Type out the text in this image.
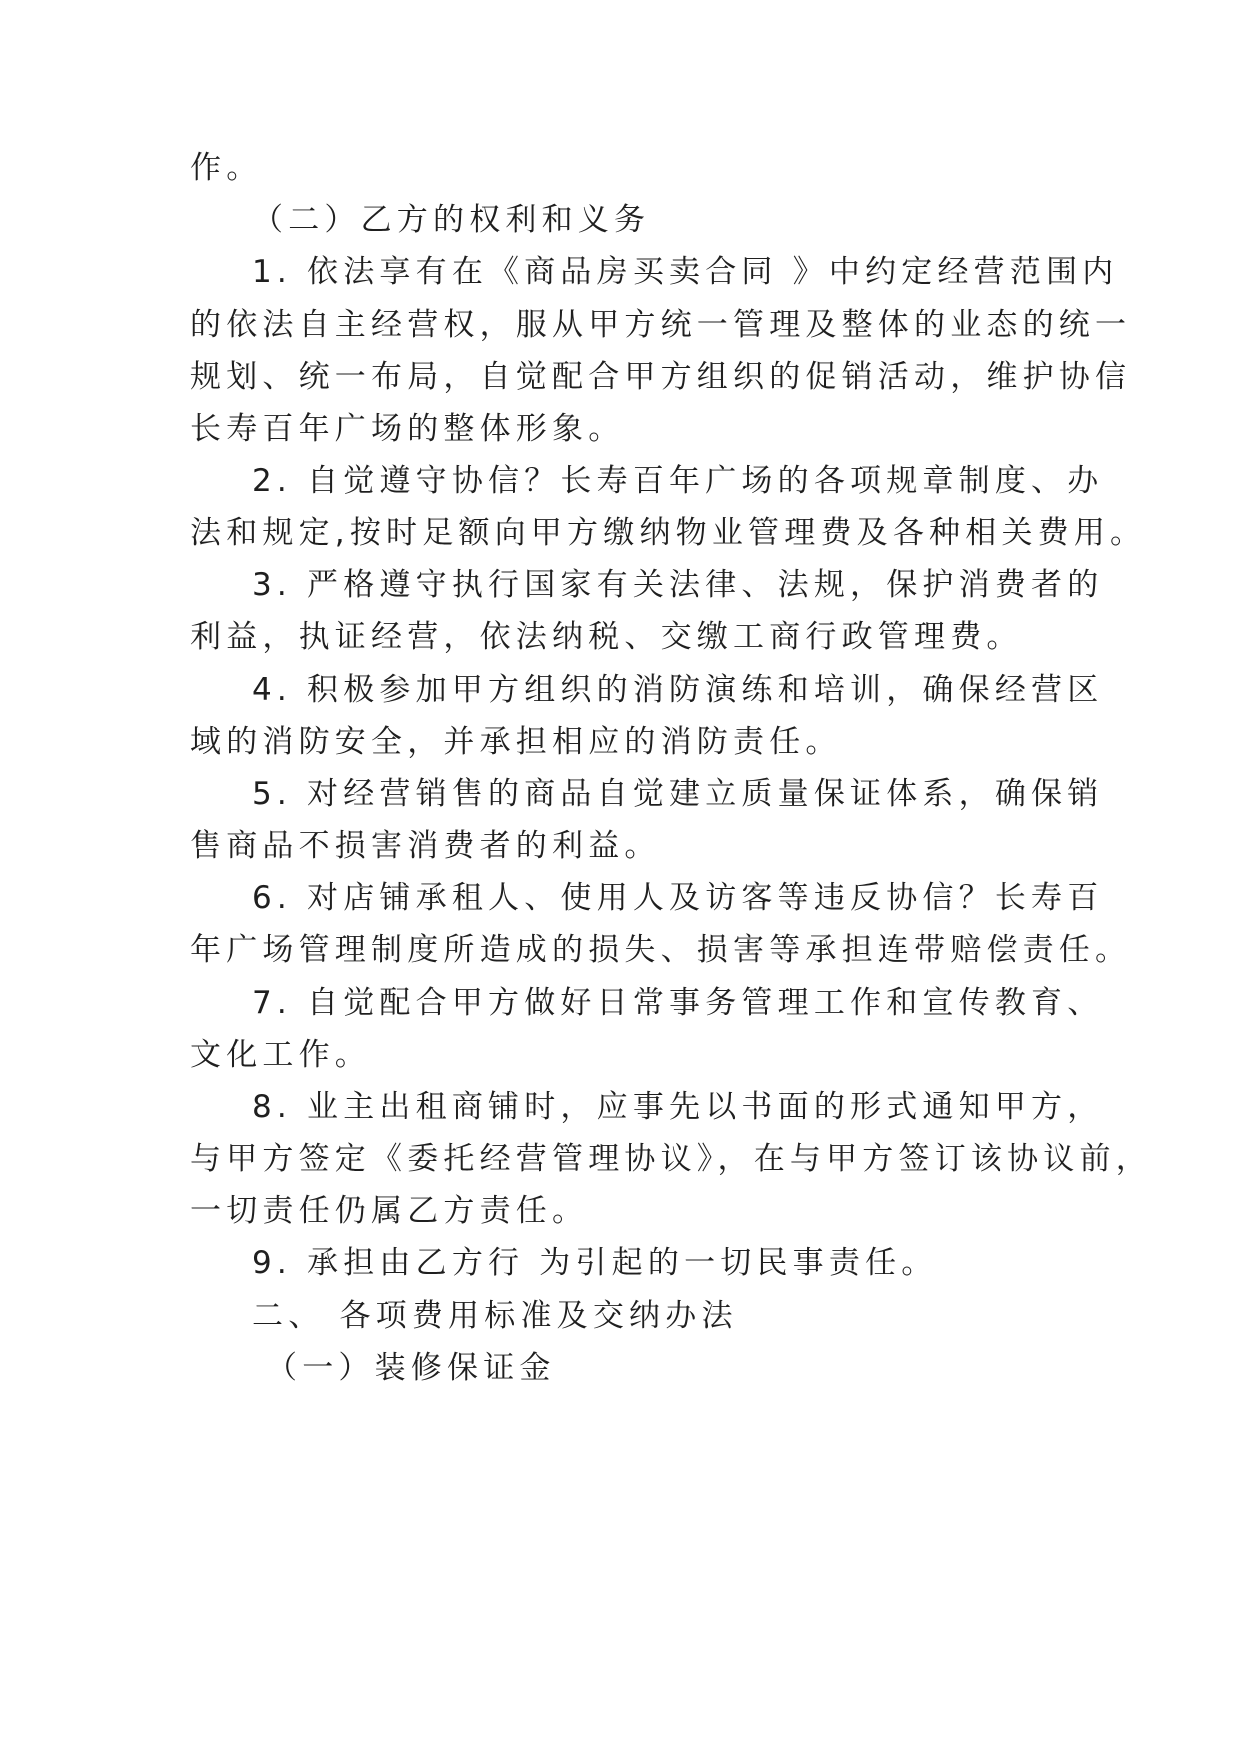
作。
（二）乙方的权利和义务
1. 依法享有在《商品房买卖合同 》中约定经营范围内
的依法自主经营权，服从甲方统一管理及整体的业态的统一
规划、统一布局，自觉配合甲方组织的促销活动，维护协信
长寿百年广场的整体形象。
2. 自觉遵守协信？长寿百年广场的各项规章制度、办
法和规定,按时足额向甲方缴纳物业管理费及各种相关费用。
3. 严格遵守执行国家有关法律、法规，保护消费者的
利益，执证经营，依法纳税、交缴工商行政管理费。
4. 积极参加甲方组织的消防演练和培训，确保经营区
域的消防安全，并承担相应的消防责任。
5. 对经营销售的商品自觉建立质量保证体系，确保销
售商品不损害消费者的利益。
6. 对店铺承租人、使用人及访客等违反协信？长寿百
年广场管理制度所造成的损失、损害等承担连带赔偿责任。
7. 自觉配合甲方做好日常事务管理工作和宣传教育、
文化工作。
8. 业主出租商铺时，应事先以书面的形式通知甲方，
与甲方签定《委托经营管理协议》，在与甲方签订该协议前，
一切责任仍属乙方责任。
9. 承担由乙方行 为引起的一切民事责任。
二、 各项费用标准及交纳办法
（一）装修保证金
